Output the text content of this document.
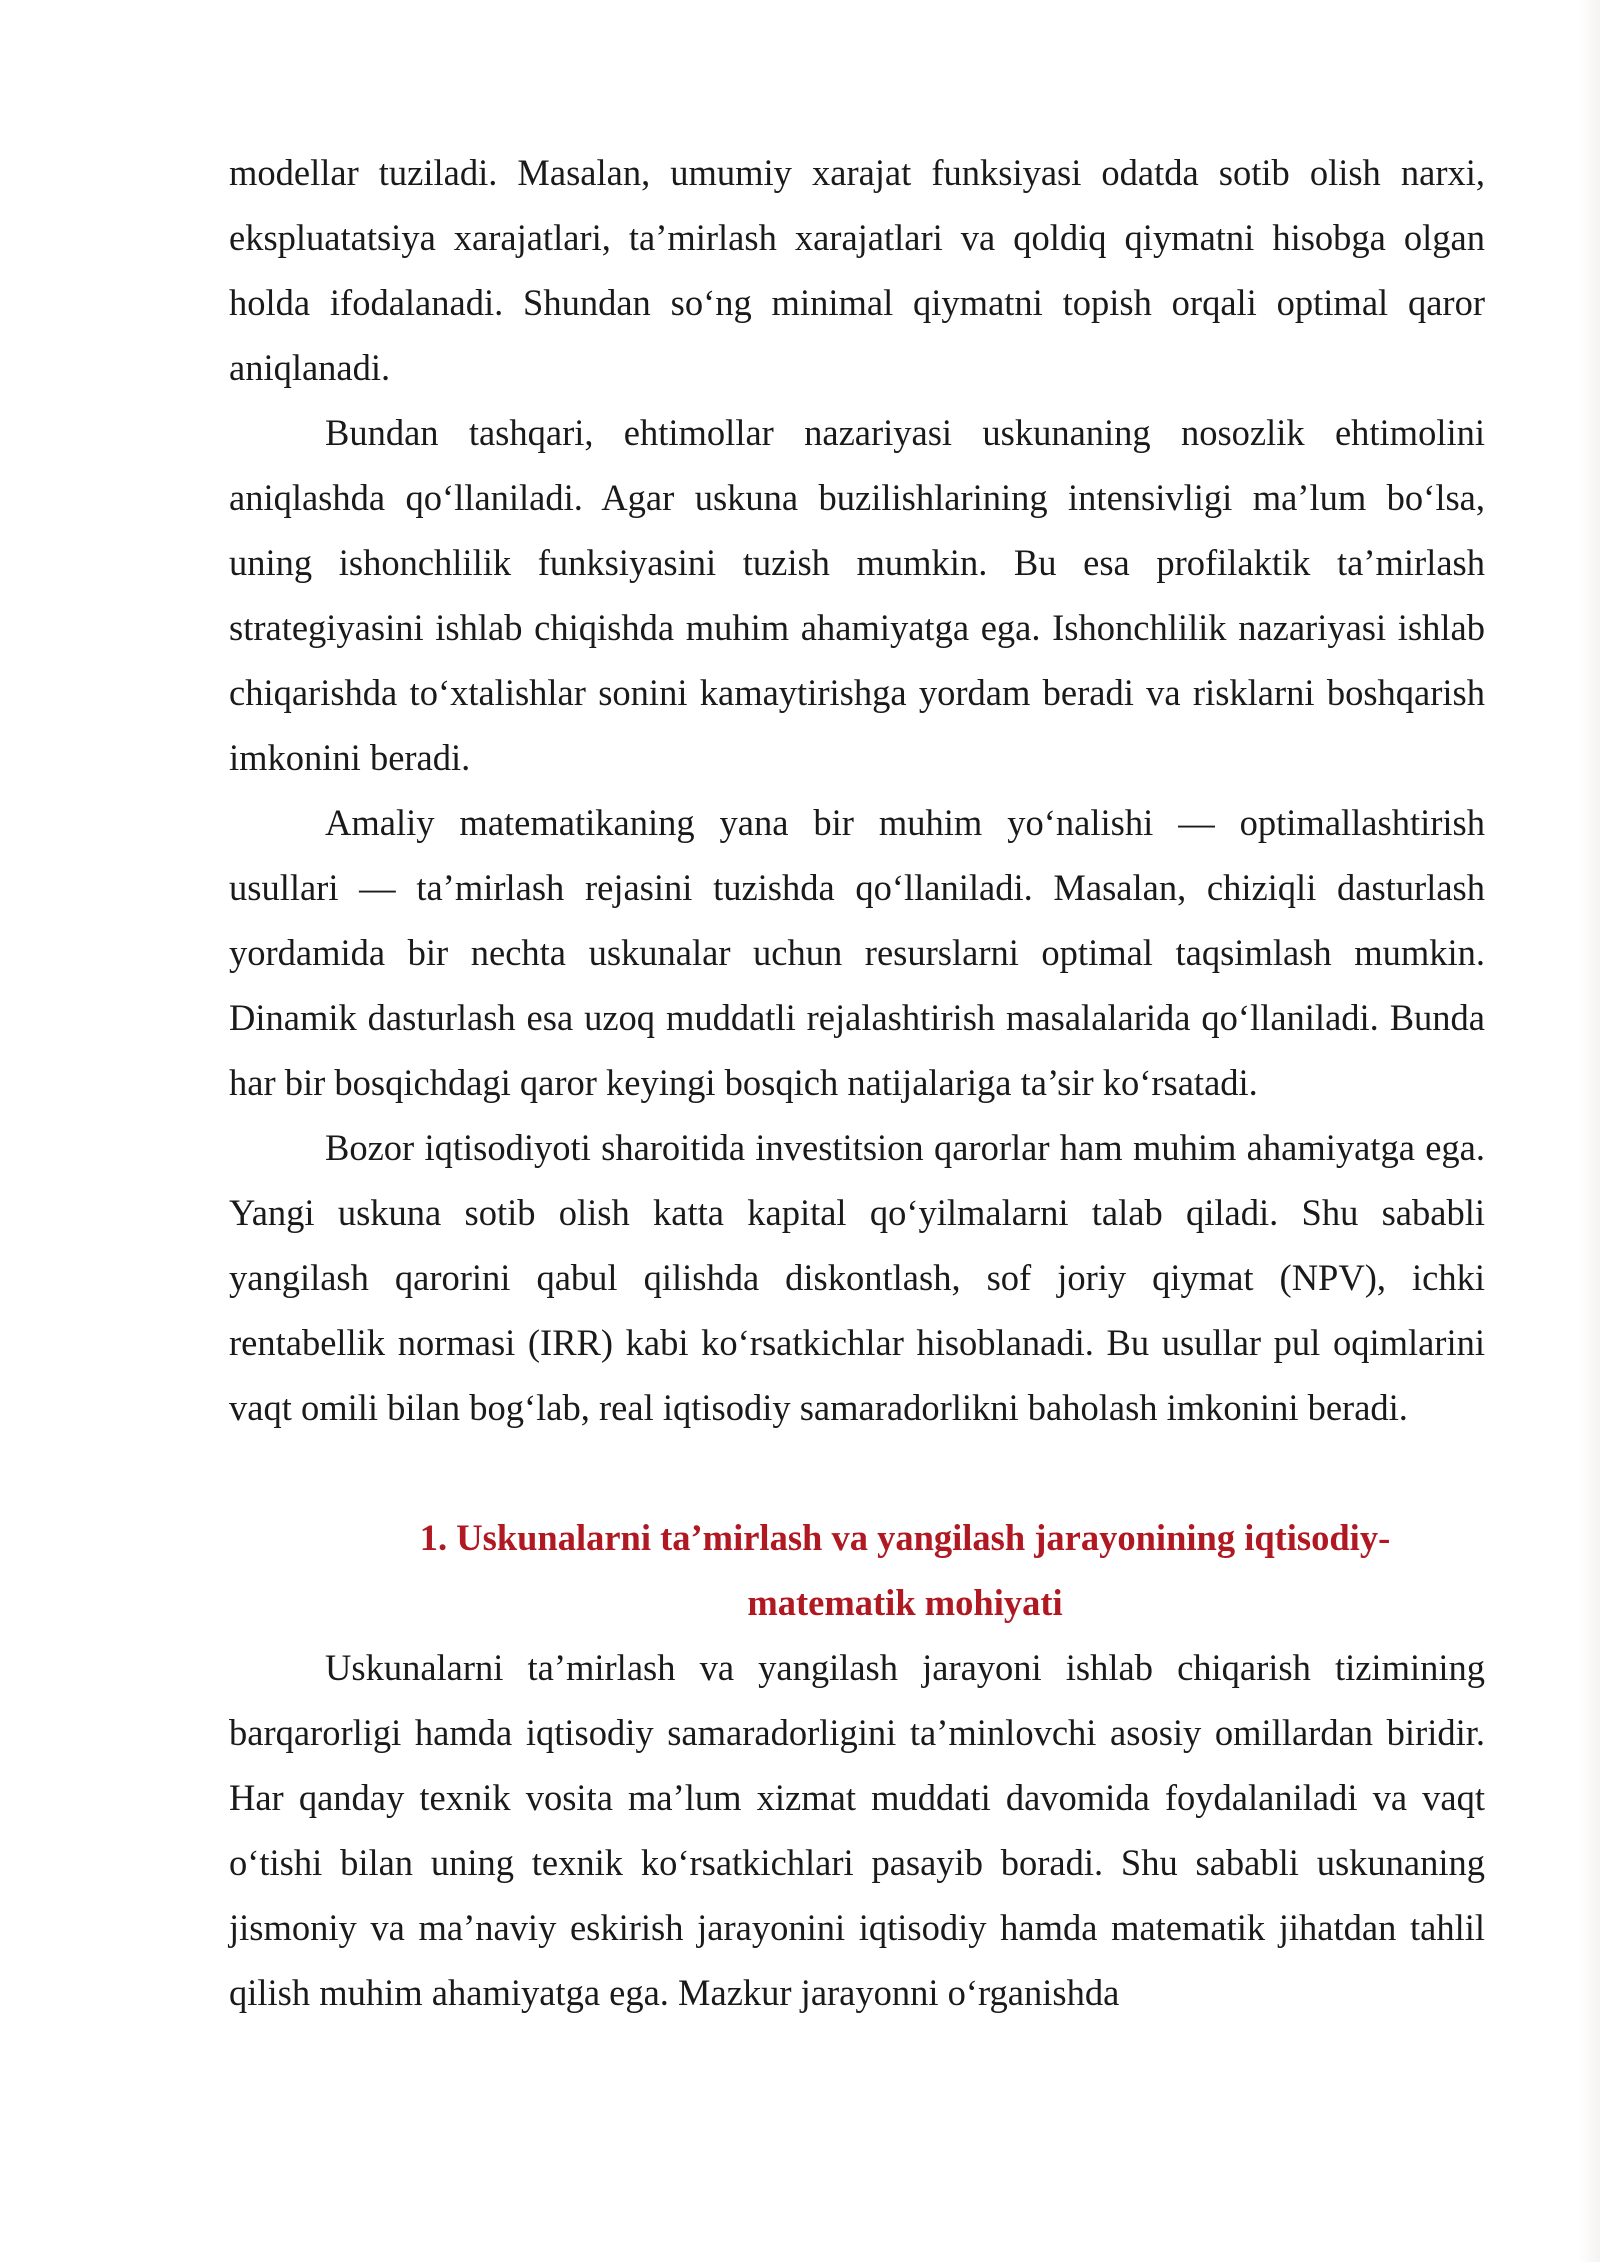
modellar tuziladi. Masalan, umumiy xarajat funksiyasi odatda sotib olish narxi, ekspluatatsiya xarajatlari, ta’mirlash xarajatlari va qoldiq qiymatni hisobga olgan holda ifodalanadi. Shundan so‘ng minimal qiymatni topish orqali optimal qaror aniqlanadi.

Bundan tashqari, ehtimollar nazariyasi uskunaning nosozlik ehtimolini aniqlashda qo‘llaniladi. Agar uskuna buzilishlarining intensivligi ma’lum bo‘lsa, uning ishonchlilik funksiyasini tuzish mumkin. Bu esa profilaktik ta’mirlash strategiyasini ishlab chiqishda muhim ahamiyatga ega. Ishonchlilik nazariyasi ishlab chiqarishda to‘xtalishlar sonini kamaytirishga yordam beradi va risklarni boshqarish imkonini beradi.

Amaliy matematikaning yana bir muhim yo‘nalishi — optimallashtirish usullari — ta’mirlash rejasini tuzishda qo‘llaniladi. Masalan, chiziqli dasturlash yordamida bir nechta uskunalar uchun resurslarni optimal taqsimlash mumkin. Dinamik dasturlash esa uzoq muddatli rejalashtirish masalalarida qo‘llaniladi. Bunda har bir bosqichdagi qaror keyingi bosqich natijalariga ta’sir ko‘rsatadi.

Bozor iqtisodiyoti sharoitida investitsion qarorlar ham muhim ahamiyatga ega. Yangi uskuna sotib olish katta kapital qo‘yilmalarni talab qiladi. Shu sababli yangilash qarorini qabul qilishda diskontlash, sof joriy qiymat (NPV), ichki rentabellik normasi (IRR) kabi ko‘rsatkichlar hisoblanadi. Bu usullar pul oqimlarini vaqt omili bilan bog‘lab, real iqtisodiy samaradorlikni baholash imkonini beradi.

1. Uskunalarni ta’mirlash va yangilash jarayonining iqtisodiy-
matematik mohiyati

Uskunalarni ta’mirlash va yangilash jarayoni ishlab chiqarish tizimining barqarorligi hamda iqtisodiy samaradorligini ta’minlovchi asosiy omillardan biridir. Har qanday texnik vosita ma’lum xizmat muddati davomida foydalaniladi va vaqt o‘tishi bilan uning texnik ko‘rsatkichlari pasayib boradi. Shu sababli uskunaning jismoniy va ma’naviy eskirish jarayonini iqtisodiy hamda matematik jihatdan tahlil qilish muhim ahamiyatga ega. Mazkur jarayonni o‘rganishda
